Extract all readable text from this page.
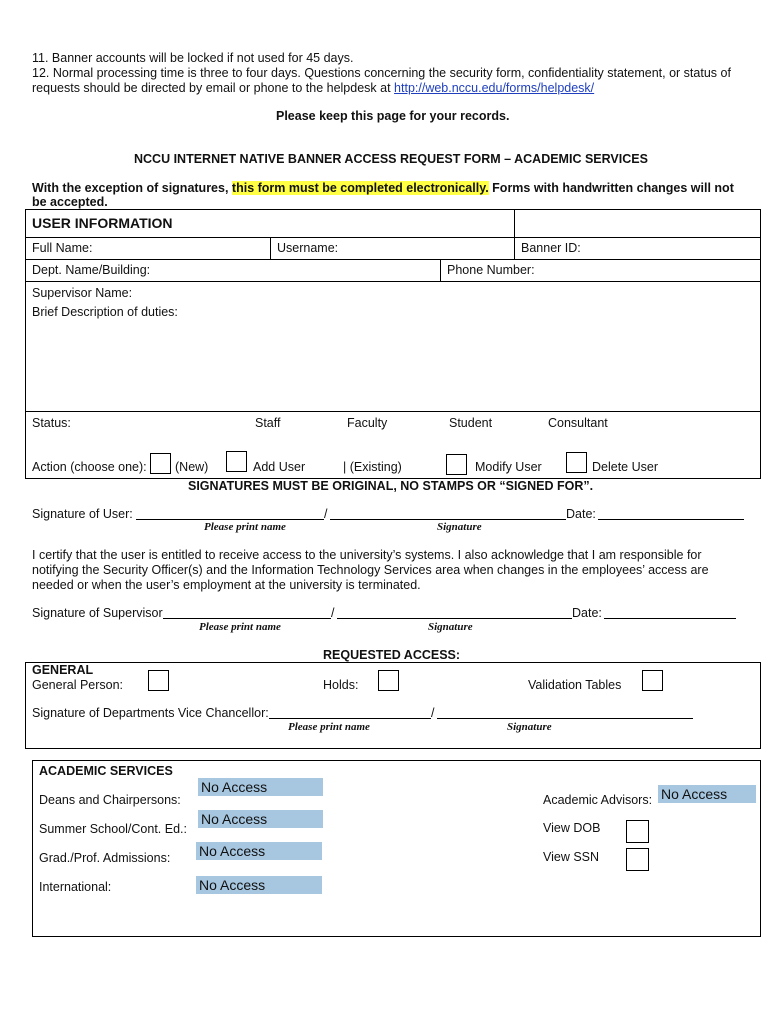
11. Banner accounts will be locked if not used for 45 days.
12. Normal processing time is three to four days. Questions concerning the security form, confidentiality statement, or status of
requests should be directed by email or phone to the helpdesk at http://web.nccu.edu/forms/helpdesk/
Please keep this page for your records.
NCCU INTERNET NATIVE BANNER ACCESS REQUEST FORM – ACADEMIC SERVICES
With the exception of signatures, this form must be completed electronically. Forms with handwritten changes will not
be accepted.
USER INFORMATION
Full Name:	Username:	Banner ID:
Dept. Name/Building:	Phone Number:
Supervisor Name:
Brief Description of duties:
Status:	Staff	Faculty	Student	Consultant
Action (choose one): (New)	Add User	| (Existing)	Modify User	Delete User
SIGNATURES MUST BE ORIGINAL, NO STAMPS OR “SIGNED FOR”.
Signature of User:	/	Date:
Please print name	Signature
I certify that the user is entitled to receive access to the university’s systems. I also acknowledge that I am responsible for
notifying the Security Officer(s) and the Information Technology Services area when changes in the employees’ access are
needed or when the user’s employment at the university is terminated.
Signature of Supervisor	/	Date:
Please print name	Signature
REQUESTED ACCESS:
GENERAL
General Person:	Holds:	Validation Tables
Signature of Departments Vice Chancellor:	/
Please print name	Signature
ACADEMIC SERVICES
Deans and Chairpersons:
No Access
Summer School/Cont. Ed.:
No Access
Grad./Prof. Admissions: No Access
International:	No Access
Academic Advisors: No Access
View DOB
View SSN
